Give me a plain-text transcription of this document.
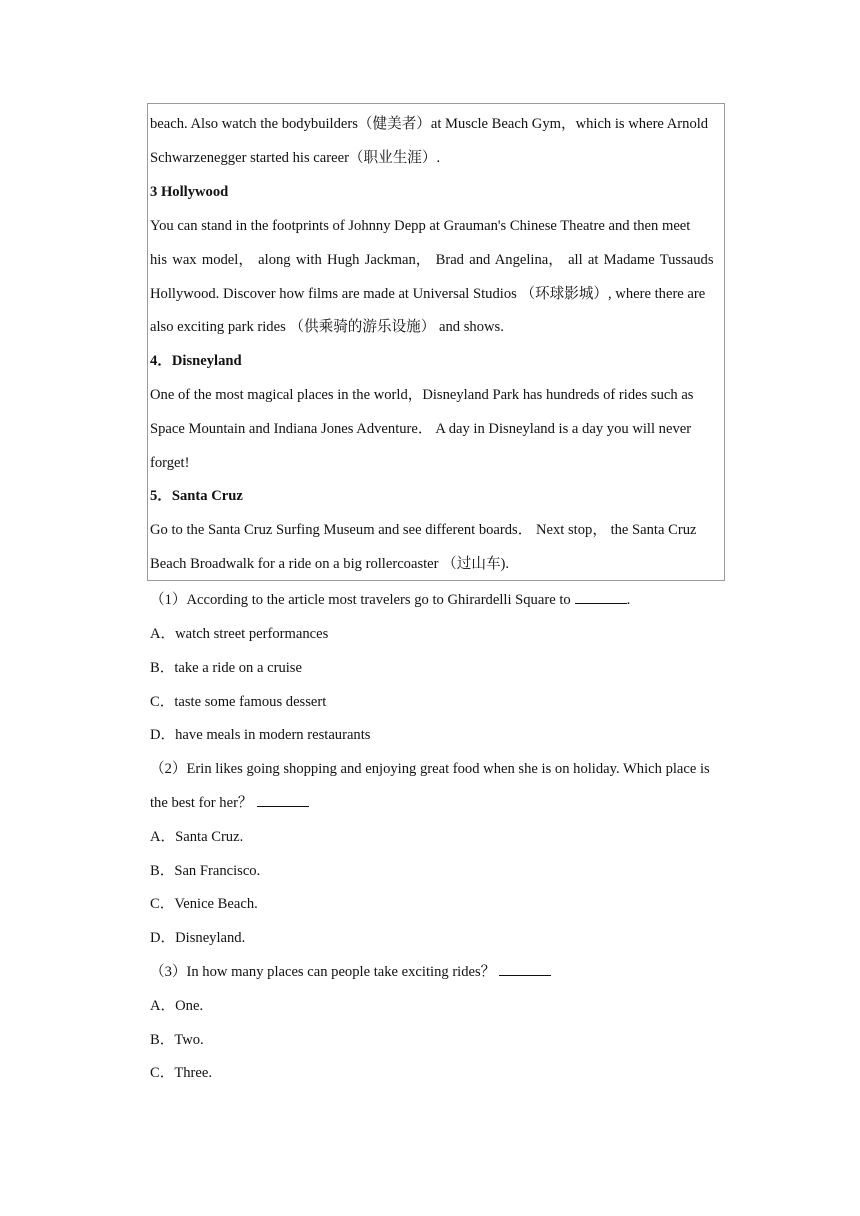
beach. Also watch the bodybuilders（健美者）at Muscle Beach Gym，which is where Arnold
Schwarzenegger started his career（职业生涯）.
3 Hollywood
You can stand in the footprints of Johnny Depp at Grauman's Chinese Theatre and then meet
his wax model， along with Hugh Jackman， Brad and Angelina， all at Madame Tussauds
Hollywood. Discover how films are made at Universal Studios （环球影城）, where there are
also exciting park rides （供乘骑的游乐设施） and shows.
4．Disneyland
One of the most magical places in the world，Disneyland Park has hundreds of rides such as
Space Mountain and Indiana Jones Adventure． A day in Disneyland is a day you will never
forget!
5．Santa Cruz
Go to the Santa Cruz Surfing Museum and see different boards． Next stop， the Santa Cruz
Beach Broadwalk for a ride on a big rollercoaster （过山车).
（1）According to the article most travelers go to Ghirardelli Square to	.
A．watch street performances
B．take a ride on a cruise
C．taste some famous dessert
D．have meals in modern restaurants
（2）Erin likes going shopping and enjoying great food when she is on holiday. Which place is
the best for her？
A．Santa Cruz.
B．San Francisco.
C．Venice Beach.
D．Disneyland.
（3）In how many places can people take exciting rides？
A．One.
B．Two.
C．Three.
